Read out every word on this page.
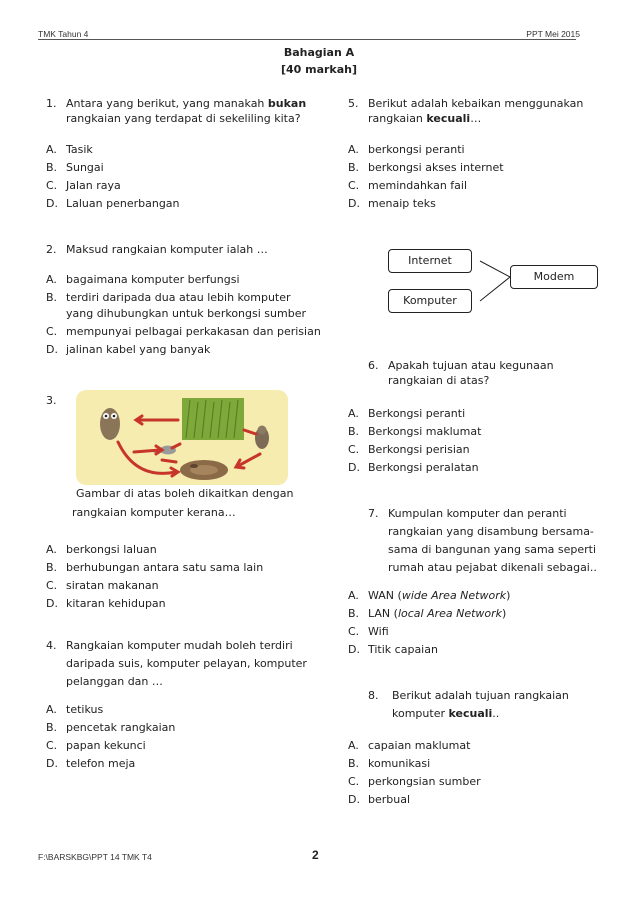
TMK Tahun 4	PPT Mei 2015
Bahagian A
[40 markah]
1. Antara yang berikut, yang manakah bukan
rangkaian yang terdapat di sekeliling kita?
A. Tasik
B. Sungai
C. Jalan raya
D. Laluan penerbangan
2. Maksud rangkaian komputer ialah …
A. bagaimana komputer berfungsi
B. terdiri daripada dua atau lebih komputer
yang dihubungkan untuk berkongsi sumber
C. mempunyai pelbagai perkakasan dan perisian
D. jalinan kabel yang banyak
3.
Gambar di atas boleh dikaitkan dengan
rangkaian komputer kerana…
A. berkongsi laluan
B. berhubungan antara satu sama lain
C. siratan makanan
D. kitaran kehidupan
4. Rangkaian komputer mudah boleh terdiri
daripada suis, komputer pelayan, komputer
pelanggan dan …
A. tetikus
B. pencetak rangkaian
C. papan kekunci
D. telefon meja
5. Berikut adalah kebaikan menggunakan
rangkaian kecuali…
A. berkongsi peranti
B. berkongsi akses internet
C. memindahkan fail
D. menaip teks
Internet
Komputer
Modem
6. Apakah tujuan atau kegunaan
rangkaian di atas?
A. Berkongsi peranti
B. Berkongsi maklumat
C. Berkongsi perisian
D. Berkongsi peralatan
7. Kumpulan komputer dan peranti
rangkaian yang disambung bersama-
sama di bangunan yang sama seperti
rumah atau pejabat dikenali sebagai..
A. WAN (wide Area Network)
B. LAN (local Area Network)
C. Wifi
D. Titik capaian
8. Berikut adalah tujuan rangkaian
komputer kecuali..
A. capaian maklumat
B. komunikasi
C. perkongsian sumber
D. berbual
F:\BARSKBG\PPT 14 TMK T4	2
